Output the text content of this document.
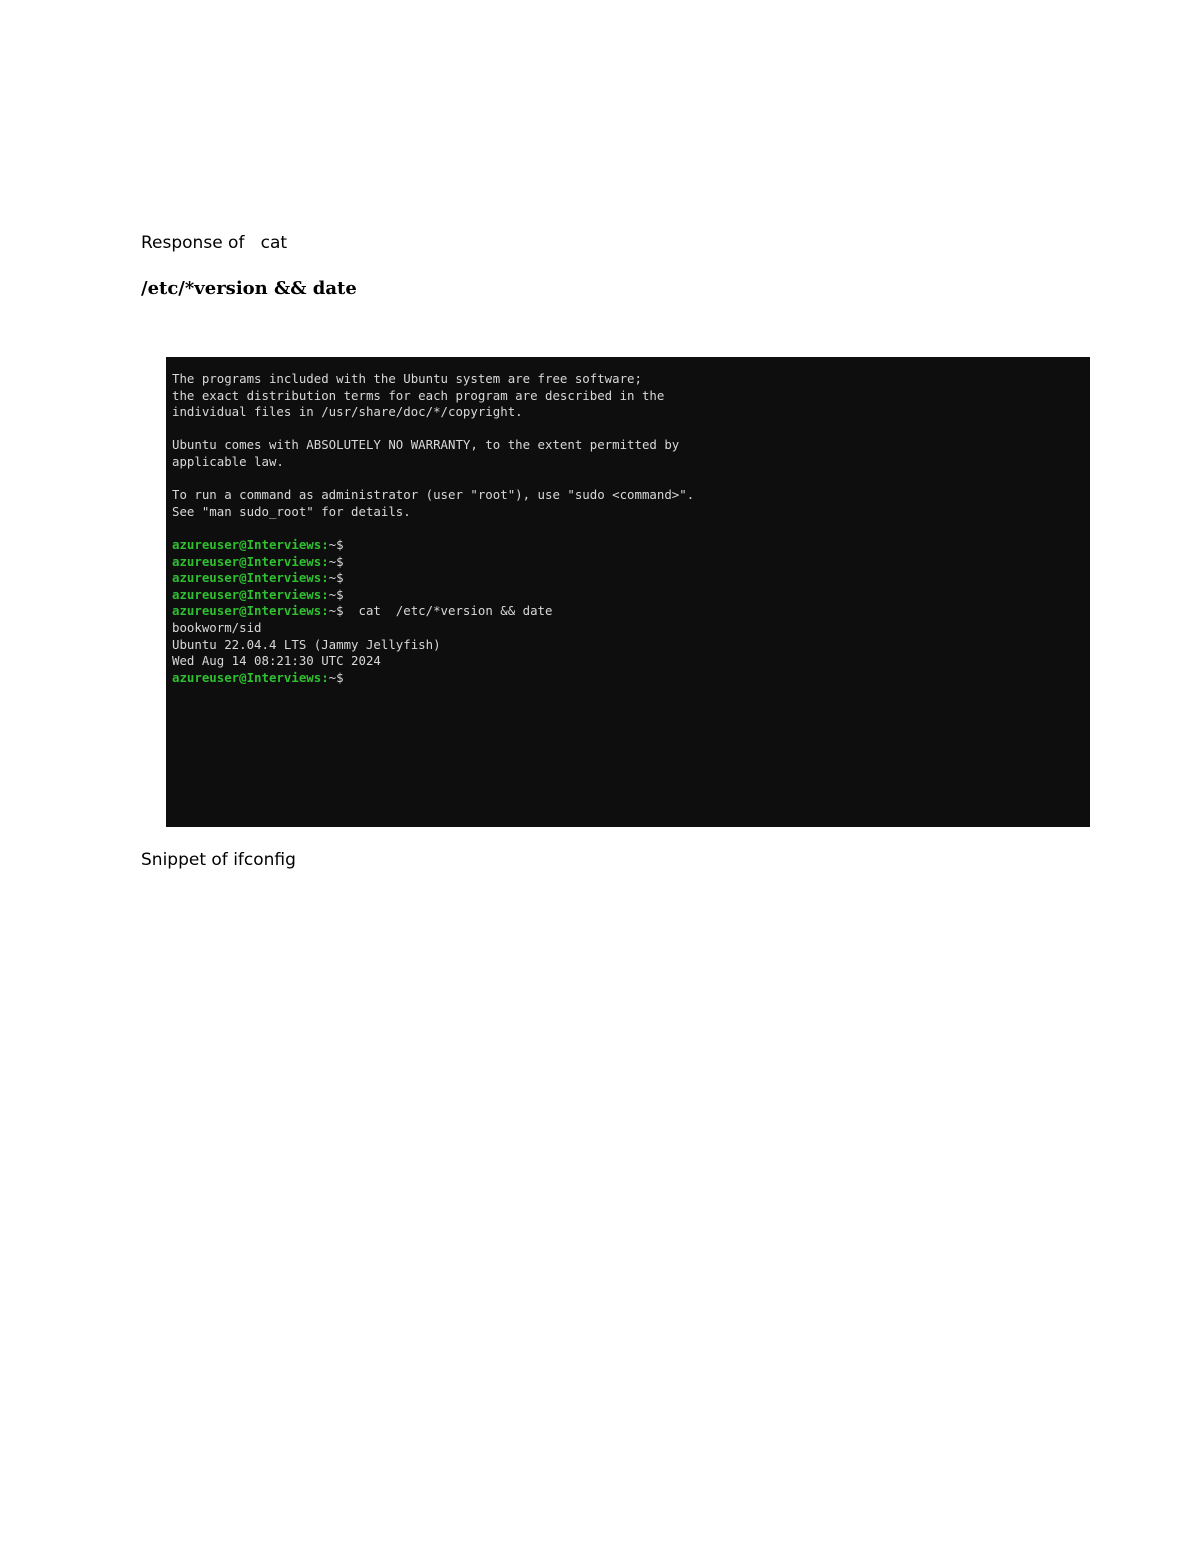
Response of   cat
/etc/*version && date
The programs included with the Ubuntu system are free software;
the exact distribution terms for each program are described in the
individual files in /usr/share/doc/*/copyright.
Ubuntu comes with ABSOLUTELY NO WARRANTY, to the extent permitted by
applicable law.
To run a command as administrator (user "root"), use "sudo <command>".
See "man sudo_root" for details.
azureuser@Interviews:~$
azureuser@Interviews:~$
azureuser@Interviews:~$
azureuser@Interviews:~$
azureuser@Interviews:~$  cat  /etc/*version && date
bookworm/sid
Ubuntu 22.04.4 LTS (Jammy Jellyfish)
Wed Aug 14 08:21:30 UTC 2024
azureuser@Interviews:~$
Snippet of ifconfig
